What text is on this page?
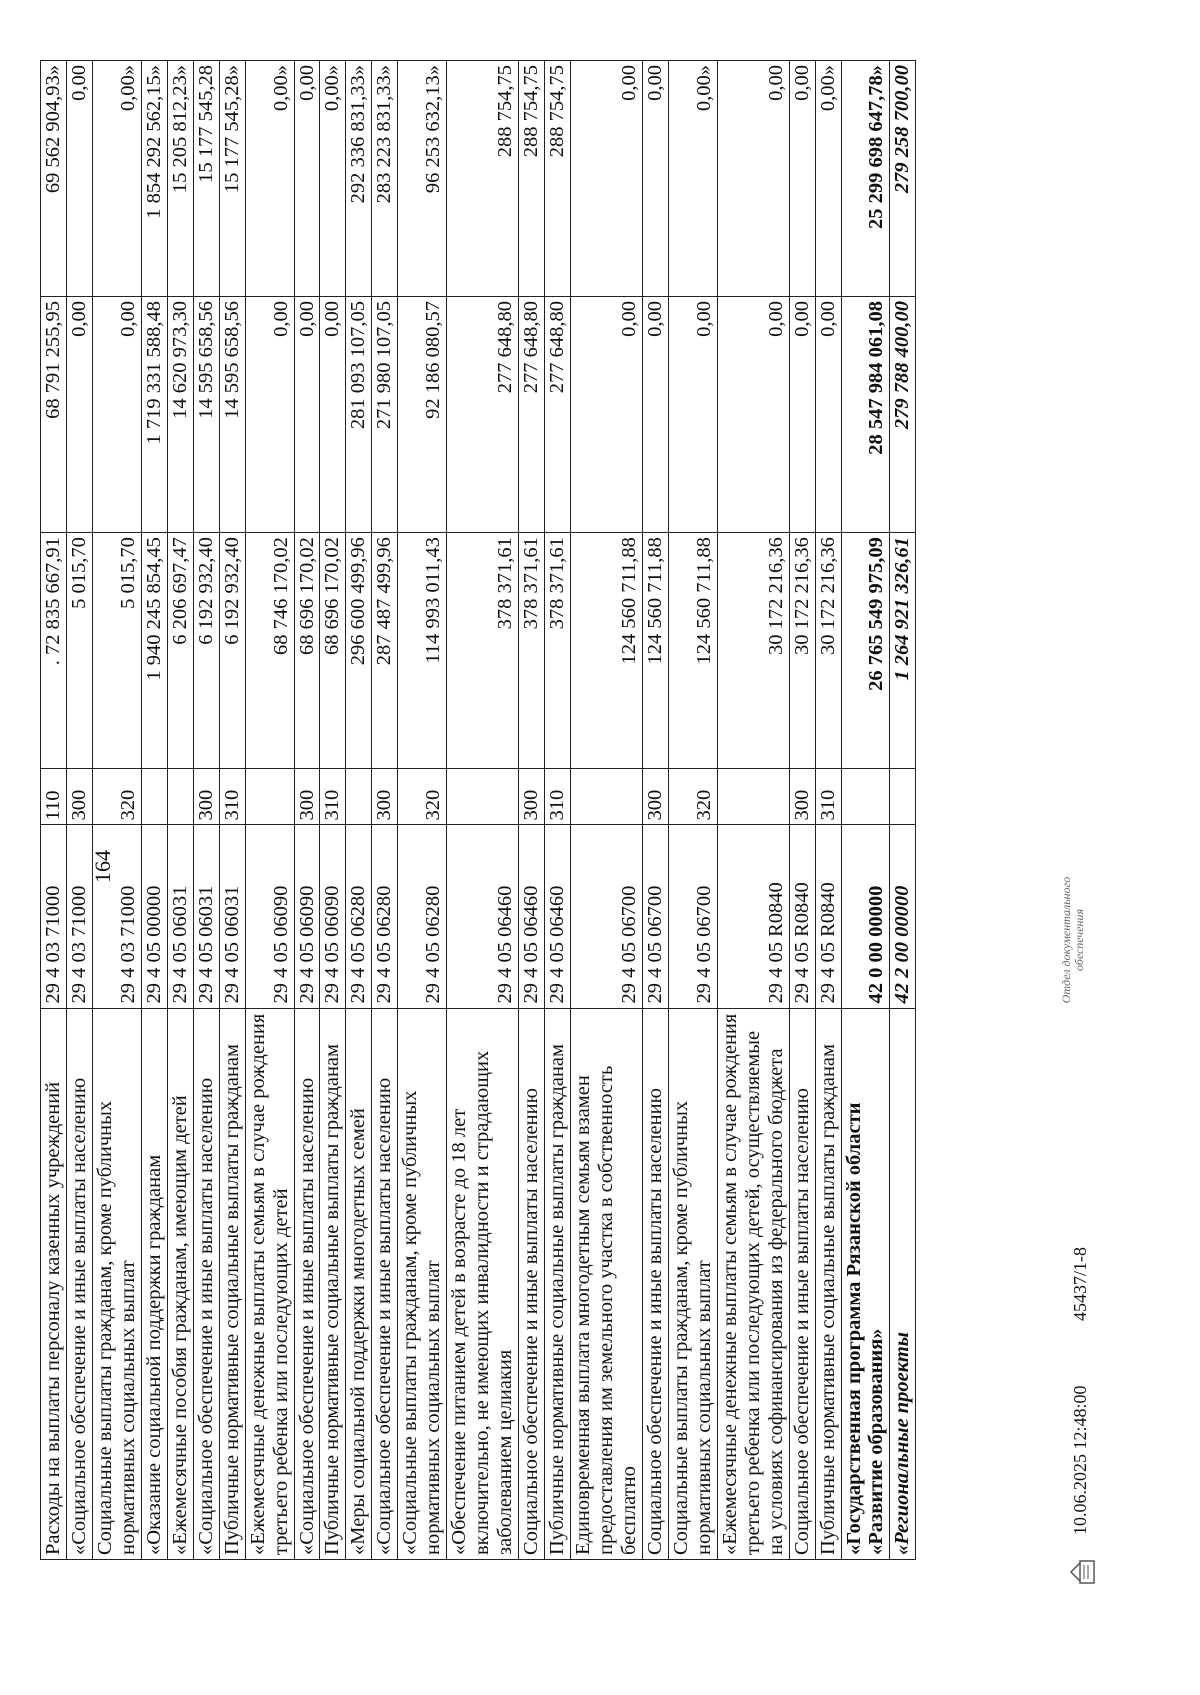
164
Расходы на выплаты персоналу казенных учреждений	29 4 03 71000	110	. 72 835 667,91	68 791 255,95	69 562 904,93»
«Социальное обеспечение и иные выплаты населению	29 4 03 71000	300	5 015,70	0,00	0,00
Социальные выплаты гражданам, кроме публичных нормативных социальных выплат	29 4 03 71000	320	5 015,70	0,00	0,00»
«Оказание социальной поддержки гражданам	29 4 05 00000		1 940 245 854,45	1 719 331 588,48	1 854 292 562,15»
«Ежемесячные пособия гражданам, имеющим детей	29 4 05 06031		6 206 697,47	14 620 973,30	15 205 812,23»
«Социальное обеспечение и иные выплаты населению	29 4 05 06031	300	6 192 932,40	14 595 658,56	15 177 545,28
Публичные нормативные социальные выплаты гражданам	29 4 05 06031	310	6 192 932,40	14 595 658,56	15 177 545,28»
«Ежемесячные денежные выплаты семьям в случае рождения третьего ребенка или последующих детей	29 4 05 06090		68 746 170,02	0,00	0,00»
«Социальное обеспечение и иные выплаты населению	29 4 05 06090	300	68 696 170,02	0,00	0,00
Публичные нормативные социальные выплаты гражданам	29 4 05 06090	310	68 696 170,02	0,00	0,00»
«Меры социальной поддержки многодетных семей	29 4 05 06280		296 600 499,96	281 093 107,05	292 336 831,33»
«Социальное обеспечение и иные выплаты населению	29 4 05 06280	300	287 487 499,96	271 980 107,05	283 223 831,33»
«Социальные выплаты гражданам, кроме публичных нормативных социальных выплат	29 4 05 06280	320	114 993 011,43	92 186 080,57	96 253 632,13»
«Обеспечение питанием детей в возрасте до 18 лет включительно, не имеющих инвалидности и страдающих заболеванием целиакия	29 4 05 06460		378 371,61	277 648,80	288 754,75
Социальное обеспечение и иные выплаты населению	29 4 05 06460	300	378 371,61	277 648,80	288 754,75
Публичные нормативные социальные выплаты гражданам	29 4 05 06460	310	378 371,61	277 648,80	288 754,75
Единовременная выплата многодетным семьям взамен предоставления им земельного участка в собственность бесплатно	29 4 05 06700		124 560 711,88	0,00	0,00
Социальное обеспечение и иные выплаты населению	29 4 05 06700	300	124 560 711,88	0,00	0,00
Социальные выплаты гражданам, кроме публичных нормативных социальных выплат	29 4 05 06700	320	124 560 711,88	0,00	0,00»
«Ежемесячные денежные выплаты семьям в случае рождения третьего ребенка или последующих детей, осуществляемые на условиях софинансирования из федерального бюджета	29 4 05 R0840		30 172 216,36	0,00	0,00
Социальное обеспечение и иные выплаты населению	29 4 05 R0840	300	30 172 216,36	0,00	0,00
Публичные нормативные социальные выплаты гражданам	29 4 05 R0840	310	30 172 216,36	0,00	0,00»
«Государственная программа Рязанской области «Развитие образования»	42 0 00 00000		26 765 549 975,09	28 547 984 061,08	25 299 698 647,78»
«Региональные проекты	42 2 00 00000		1 264 921 326,61	279 788 400,00	279 258 700,00
10.06.2025 12:48:00 45437/1-8
Отдел документального обеспечения
